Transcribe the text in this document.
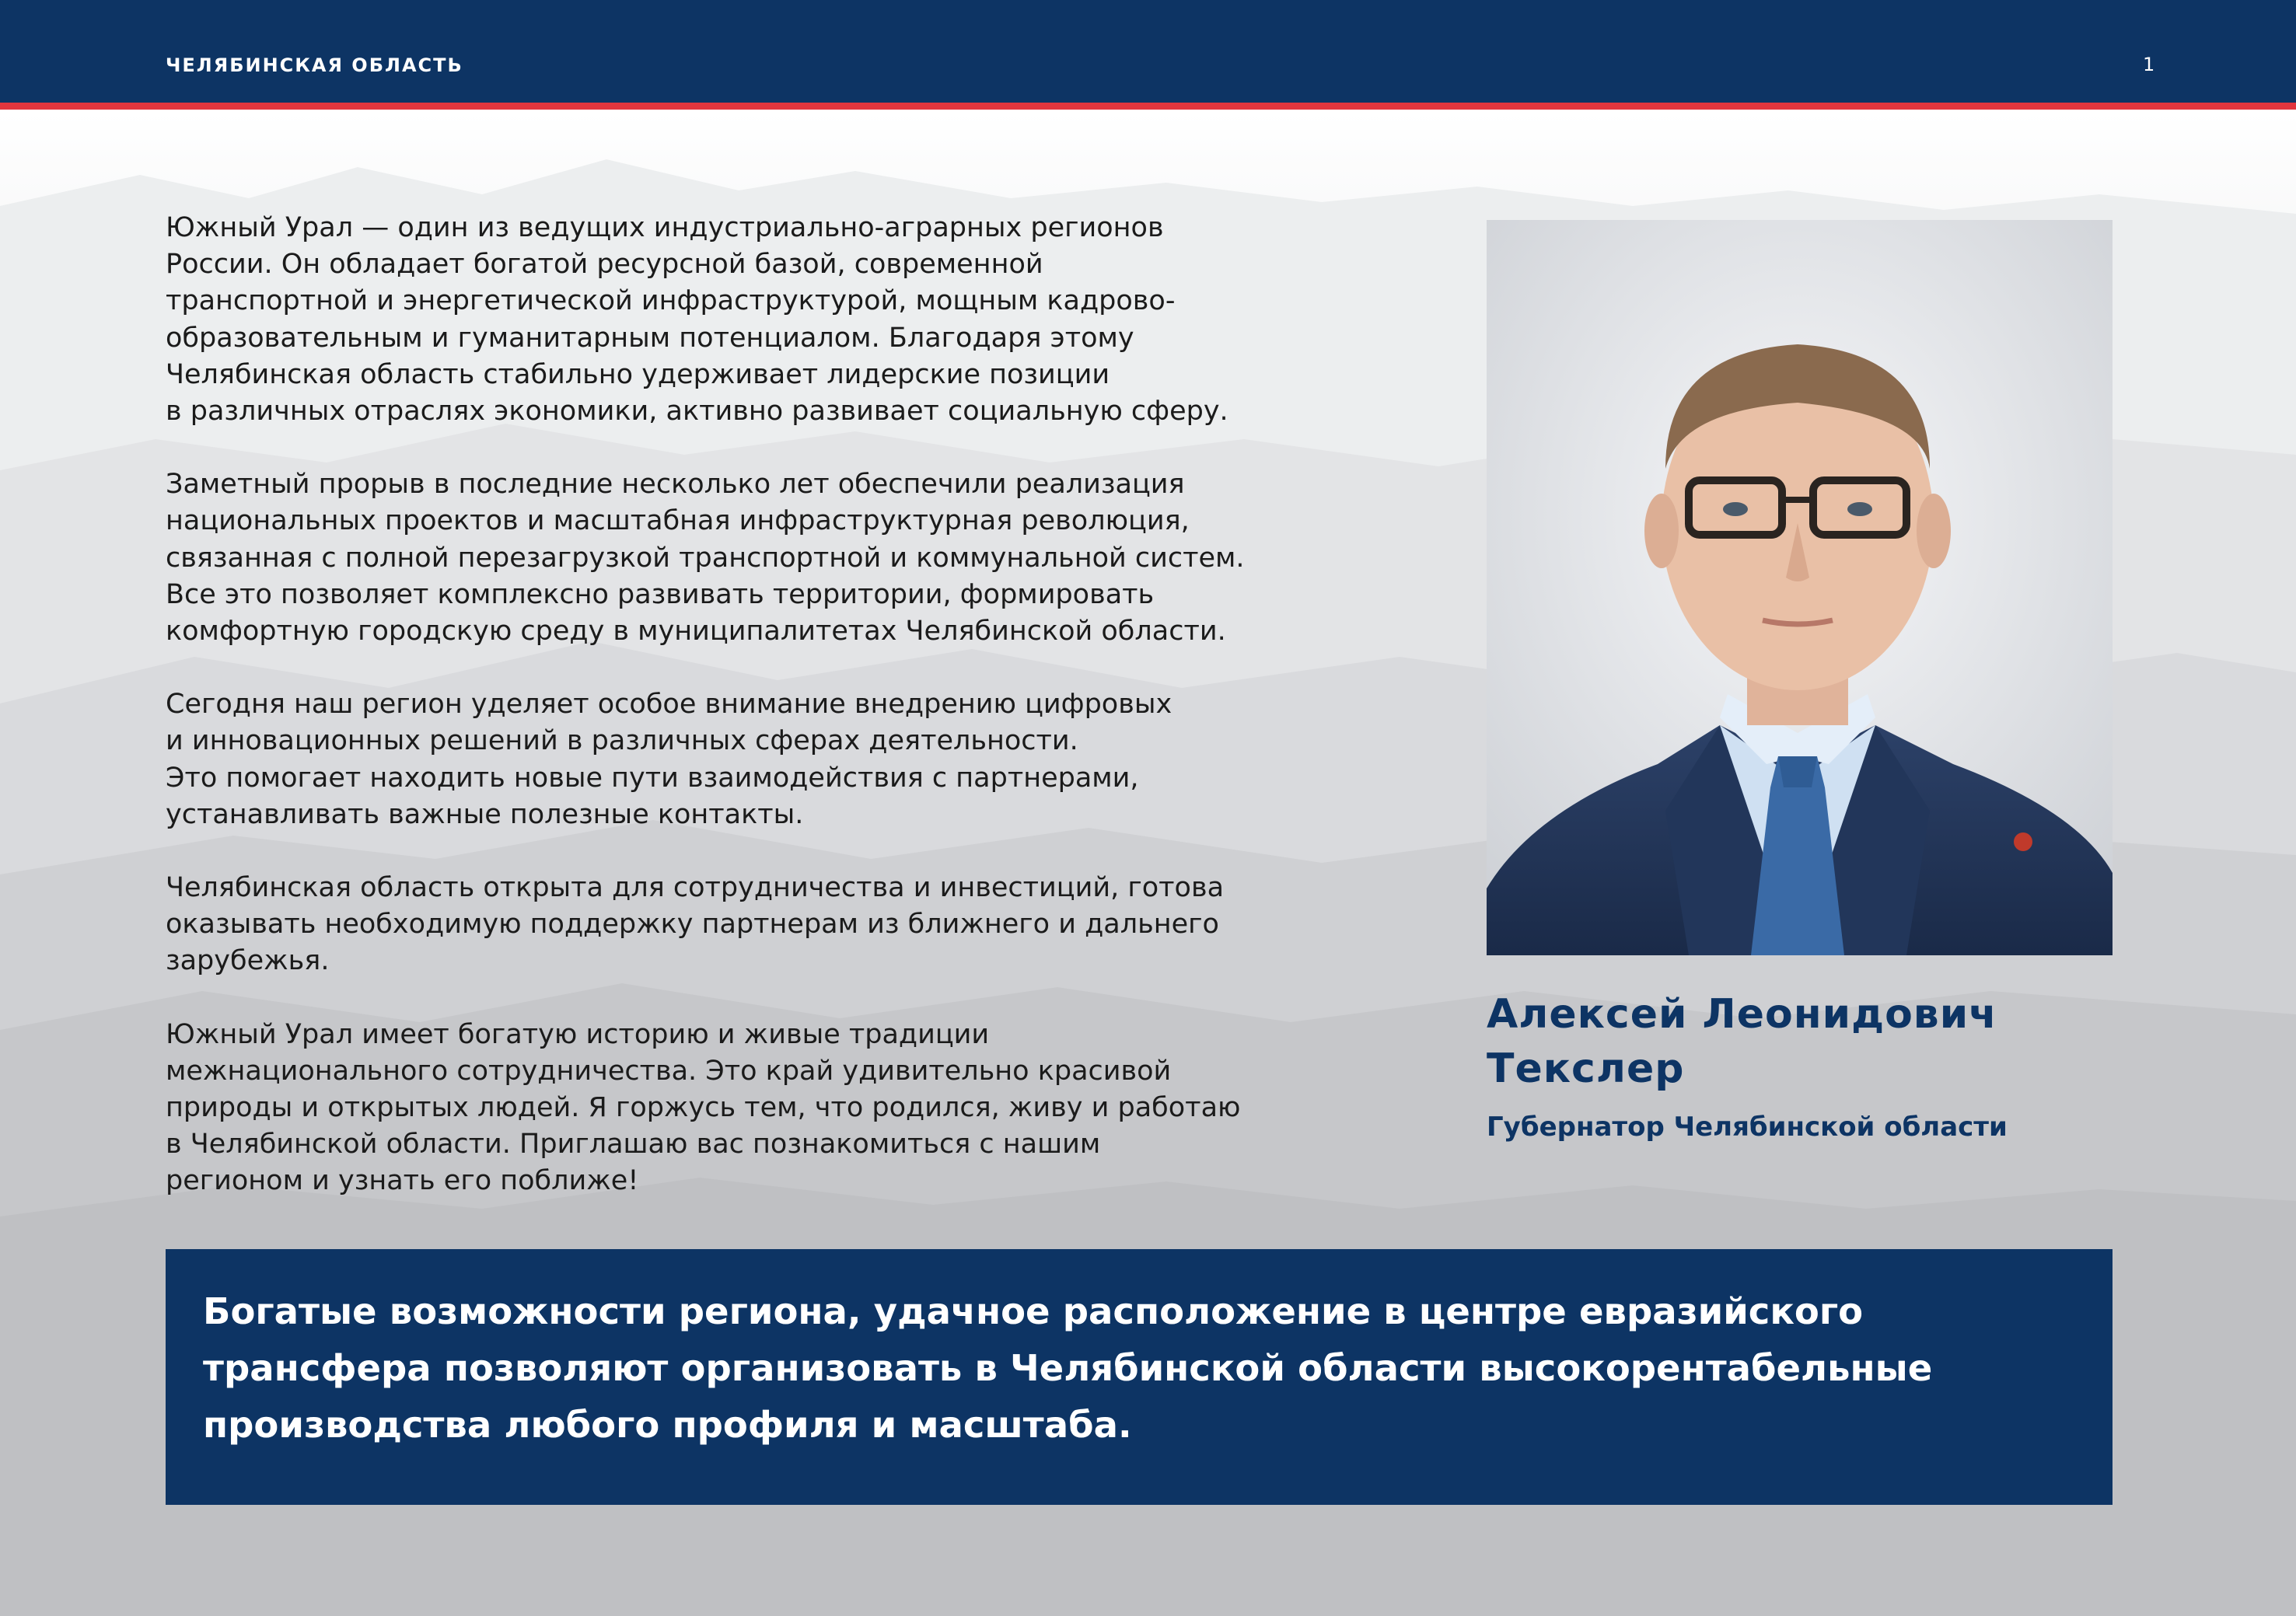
ЧЕЛЯБИНСКАЯ ОБЛАСТЬ	1

Южный Урал — один из ведущих индустриально-аграрных регионов
России. Он обладает богатой ресурсной базой, современной
транспортной и энергетической инфраструктурой, мощным кадрово-
образовательным и гуманитарным потенциалом. Благодаря этому
Челябинская область стабильно удерживает лидерские позиции
в различных отраслях экономики, активно развивает социальную сферу.

Заметный прорыв в последние несколько лет обеспечили реализация
национальных проектов и масштабная инфраструктурная революция,
связанная с полной перезагрузкой транспортной и коммунальной систем.
Все это позволяет комплексно развивать территории, формировать
комфортную городскую среду в муниципалитетах Челябинской области.

Сегодня наш регион уделяет особое внимание внедрению цифровых
и инновационных решений в различных сферах деятельности.
Это помогает находить новые пути взаимодействия с партнерами,
устанавливать важные полезные контакты.

Челябинская область открыта для сотрудничества и инвестиций, готова
оказывать необходимую поддержку партнерам из ближнего и дальнего
зарубежья.

Южный Урал имеет богатую историю и живые традиции
межнационального сотрудничества. Это край удивительно красивой
природы и открытых людей. Я горжусь тем, что родился, живу и работаю
в Челябинской области. Приглашаю вас познакомиться с нашим
регионом и узнать его поближе!

Алексей Леонидович
Текслер
Губернатор Челябинской области
Богатые возможности региона, удачное расположение в центре евразийского
трансфера позволяют организовать в Челябинской области высокорентабельные
производства любого профиля и масштаба.
